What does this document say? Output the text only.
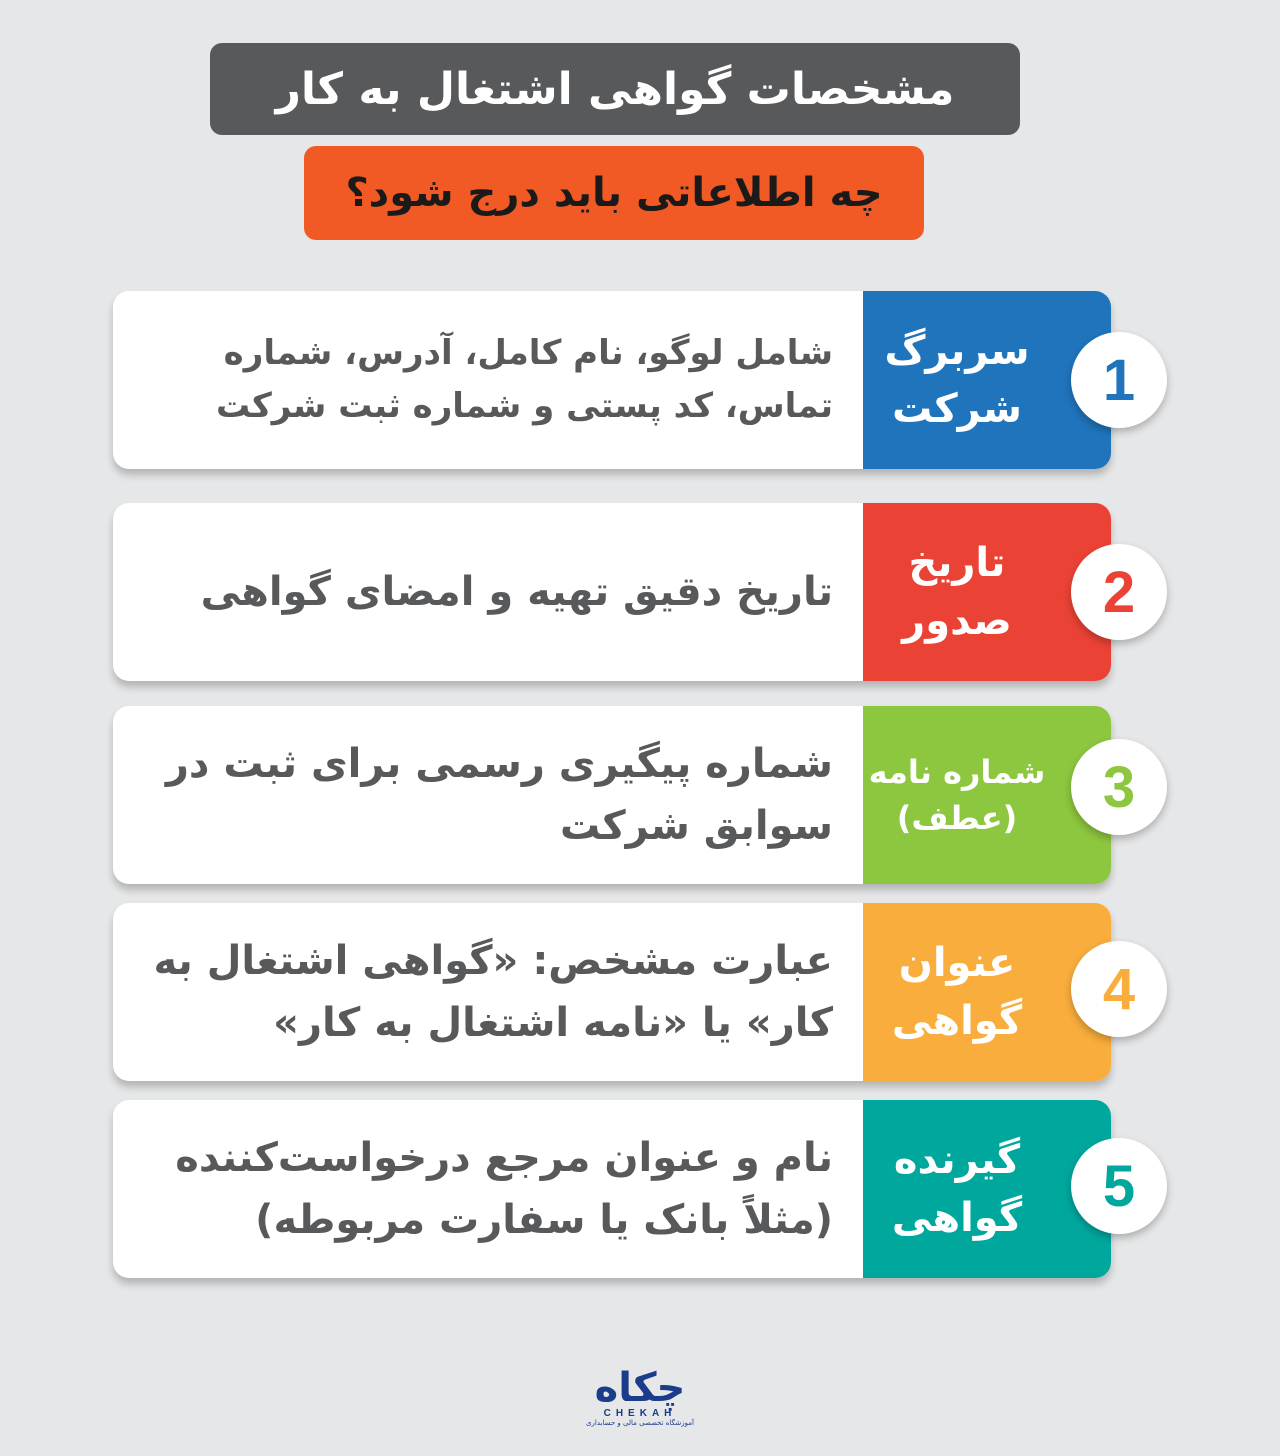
مشخصات گواهی اشتغال به کار
چه اطلاعاتی باید درج شود؟
سربرگ
شرکت
شامل لوگو، نام کامل، آدرس، شماره تماس، کد پستی و شماره ثبت شرکت	1
تاریخ
صدور
تاریخ دقیق تهیه و امضای گواهی	2
شماره نامه
(عطف)
شماره پیگیری رسمی برای ثبت در سوابق شرکت
3
عنوان
گواهی
عبارت مشخص: «گواهی اشتغال به کار» یا «نامه اشتغال به کار»
4
گیرنده
گواهی
نام و عنوان مرجع درخواست‌کننده (مثلاً بانک یا سفارت مربوطه)
5
چکاه
CHEKAH
آموزشگاه تخصصی مالی و حسابداری
